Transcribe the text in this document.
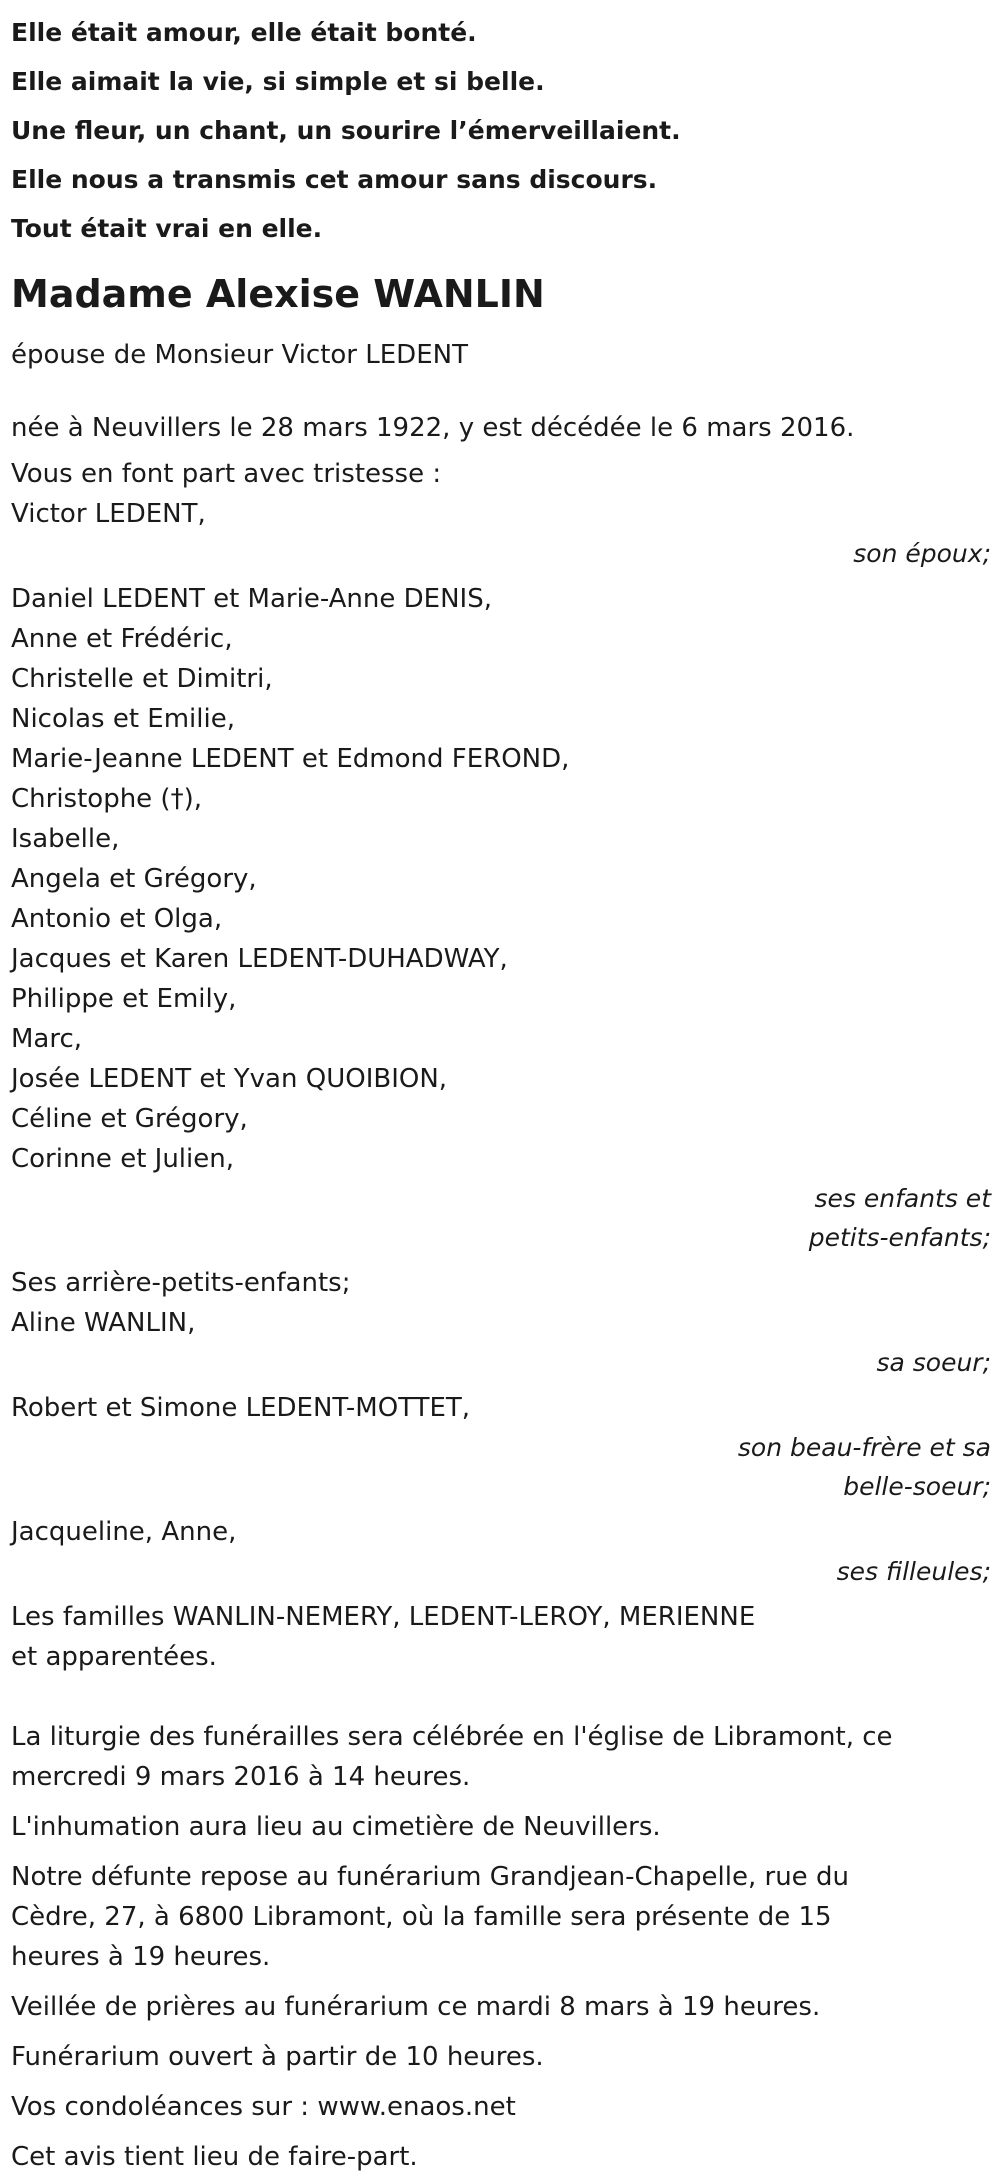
Elle était amour, elle était bonté.
Elle aimait la vie, si simple et si belle.
Une fleur, un chant, un sourire l’émerveillaient.
Elle nous a transmis cet amour sans discours.
Tout était vrai en elle.
Madame Alexise WANLIN
épouse de Monsieur Victor LEDENT
née à Neuvillers le 28 mars 1922, y est décédée le 6 mars 2016.
Vous en font part avec tristesse :
Victor LEDENT,
son époux;
Daniel LEDENT et Marie-Anne DENIS,
Anne et Frédéric,
Christelle et Dimitri,
Nicolas et Emilie,
Marie-Jeanne LEDENT et Edmond FEROND,
Christophe (†),
Isabelle,
Angela et Grégory,
Antonio et Olga,
Jacques et Karen LEDENT-DUHADWAY,
Philippe et Emily,
Marc,
Josée LEDENT et Yvan QUOIBION,
Céline et Grégory,
Corinne et Julien,
ses enfants et
petits-enfants;
Ses arrière-petits-enfants;
Aline WANLIN,
sa soeur;
Robert et Simone LEDENT-MOTTET,
son beau-frère et sa
belle-soeur;
Jacqueline, Anne,
ses filleules;
Les familles WANLIN-NEMERY, LEDENT-LEROY, MERIENNE
et apparentées.
La liturgie des funérailles sera célébrée en l'église de Libramont, ce mercredi 9 mars 2016 à 14 heures.
L'inhumation aura lieu au cimetière de Neuvillers.
Notre défunte repose au funérarium Grandjean-Chapelle, rue du Cèdre, 27, à 6800 Libramont, où la famille sera présente de 15 heures à 19 heures.
Veillée de prières au funérarium ce mardi 8 mars à 19 heures.
Funérarium ouvert à partir de 10 heures.
Vos condoléances sur : www.enaos.net
Cet avis tient lieu de faire-part.
